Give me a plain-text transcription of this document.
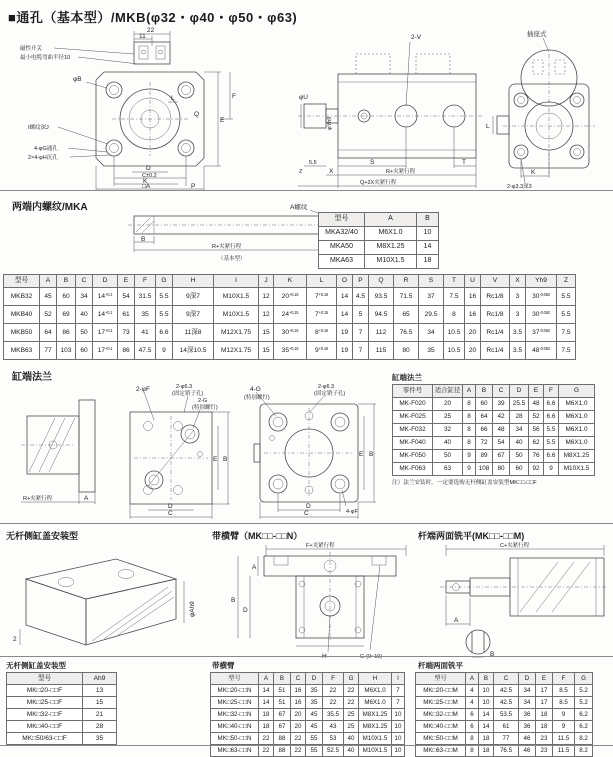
■通孔（基本型）/MKB(φ32・φ40・φ50・φ63)
磁性开关
最小电缆弯曲半径10
22
11
φB
I螺纹深J
4-φG通孔
2×4-φH沉孔
D
C±0.2
K
□A	P
L
Q
E
F
2-V
φYh9
φU
5.5
Z	X
S	T
R+夹紧行程
Q+2X夹紧行程
插座式
L
K
2-φ3.3深3
两端内螺纹/MKA	A螺纹
B
R+夹紧行程
（基本型）
型号	A	B
MKA32/40	M6X1.0	10
MKA50	M8X1.25	14
MKA63	M10X1.5	18
型号	A	B	C	D	E	F	G	H	I	J	K	L	O	P	Q	R	S	T	U	V	X	Yh9	Z
MKB32	45	60	34	$14^{+0.1}$	54	31.5	5.5	9深7	M10X1.5	12	$20^{+0.15}$	$7^{+0.15}$	14	4.5	93.5	71.5	37	7.5	16	Rc1/8	3	$30^{-0.062}$	5.5
MKB40	52	69	40	$14^{+0.1}$	61	35	5.5	9深7	M10X1.5	12	$24^{+0.15}$	$7^{+0.15}$	14	5	94.5	65	29.5	8	16	Rc1/8	3	$30^{-0.062}$	5.5
MKB50	64	86	50	$17^{+0.1}$	73	41	6.6	11深8	M12X1.75	15	$30^{+0.15}$	$8^{+0.15}$	19	7	112	76.5	34	10.5	20	Rc1/4	3.5	$37^{-0.062}$	7.5
MKB63	77	103	60	$17^{+0.1}$	86	47.5	9	14深10.5	M12X1.75	15	$35^{+0.15}$	$9^{+0.15}$	19	7	115	80	35	10.5	20	Rc1/4	3.5	$48^{-0.062}$	7.5
缸端法兰
R+夹紧行程	A
2-φF	2-φ6.3
(固定销子孔)
2-G
(特别螺钉)
E B
D
C
4-G
(特别螺钉)
2-φ6.3
(固定销子孔)
E B
D
C	4-φF
缸端法兰
零件号	适合缸径	A	B	C	D	E	F	G
MK-F020	20	8	60	39	25.5	48	6.6	M6X1.0
MK-F025	25	8	64	42	28	52	6.6	M6X1.0
MK-F032	32	8	66	48	34	56	5.5	M6X1.0
MK-F040	40	8	72	54	40	62	5.5	M6X1.0
MK-F050	50	9	89	67	50	76	6.6	M8X1.25
MK-F063	63	9	108	80	60	92	9	M10X1.5
注）法兰安装时，一定要选购无杆侧缸盖安装型MK□□-□□F
无杆侧缸盖安装型	带横臂（MK□□-□□N）	杆端两面铣平(MK□□-□□M)
φAh9
2
F+夹紧行程
A
B
D
H	G-(0~10)
C+夹紧行程
A
B
无杆侧缸盖安装型
型号	Ah9
MK□20-□□F	13
MK□25-□□F	15
MK□32-□□F	21
MK□40-□□F	28
MK□50/63-□□F	35
带横臂
型号	A	B	C	D	F	G	H	I
MK□20-□□N	14	51	16	35	22	22	M6X1.0	7
MK□25-□□N	14	51	16	35	22	22	M6X1.0	7
MK□32-□□N	18	67	20	45	35.5	25	M8X1.25	10
MK□40-□□N	18	67	20	45	43	25	M8X1.25	10
MK□50-□□N	22	88	22	55	53	40	M10X1.5	10
MK□63-□□N	22	88	22	55	52.5	40	M10X1.5	10
杆端两面铣平
型号	A	B	C	D	E	F	G
MK□20-□□M	4	10	42.5	34	17	8.5	5.2
MK□25-□□M	4	10	42.5	34	17	8.5	5.2
MK□32-□□M	6	14	53.5	36	18	9	6.2
MK□40-□□M	6	14	61	36	18	9	6.2
MK□50-□□M	8	18	77	46	23	11.5	8.2
MK□63-□□M	8	18	76.5	46	23	11.5	8.2
